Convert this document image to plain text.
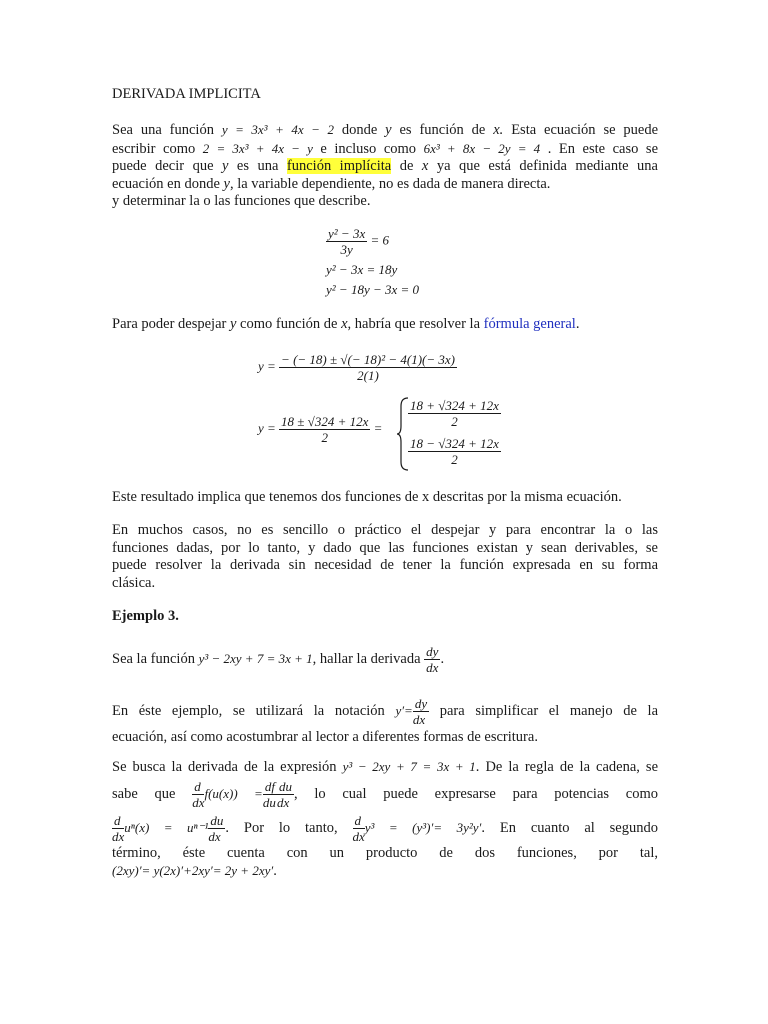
DERIVADA IMPLICITA
Sea una función y = 3x³ + 4x − 2 donde y es función de x. Esta ecuación se puede
escribir como 2 = 3x³ + 4x − y e incluso como 6x³ + 8x − 2y = 4 . En este caso se
puede decir que y es una función implícita de x ya que está definida mediante una
ecuación en donde y, la variable dependiente, no es dada de manera directa.
y determinar la o las funciones que describe.
$\frac{\text{y² − 3x}}{3y} = 6$
y² − 3x = 18y
y² − 18y − 3x = 0
Para poder despejar y como función de x, habría que resolver la fórmula general.
$y = \frac{\text{− (− 18) ± √(− 18)² − 4(1)(− 3x)}}{2(1)}$
$y = \frac{18 \pm √324 + 12x}{2} = \frac{18 + √324 + 12x}{2}$
$\frac{18 - √324 + 12x}{2}$
Este resultado implica que tenemos dos funciones de x descritas por la misma ecuación.
En muchos casos, no es sencillo o práctico el despejar y para encontrar la o las
funciones dadas, por lo tanto, y dado que las funciones existan y sean derivables, se
puede resolver la derivada sin necesidad de tener la función expresada en su forma
clásica.
Ejemplo 3.
Sea la función y³ − 2xy + 7 = 3x + 1, hallar la derivada $\frac{dy}{dx}$ .
En éste ejemplo, se utilizará la notación $y'= \frac{dy}{dx}$ para simplificar el manejo de la
ecuación, así como acostumbrar al lector a diferentes formas de escritura.
Se busca la derivada de la expresión y³ − 2xy + 7 = 3x + 1. De la regla de la cadena, se
sabe que $\frac{d}{dx} f(u(x)) = \frac{df}{du} \frac{du}{dx}$ , lo cual puede expresarse para potencias como
$\frac{d}{dx} u^n(x) = u^{n-1} \frac{du}{dx}$ . Por lo tanto, $\frac{d}{dx} y^3 = (y^3)'= 3y^2y'$. En cuanto al segundo
término, éste cuenta con un producto de dos funciones, por tal,
(2xy)′= y(2x)′+2xy′= 2y + 2xy′.
